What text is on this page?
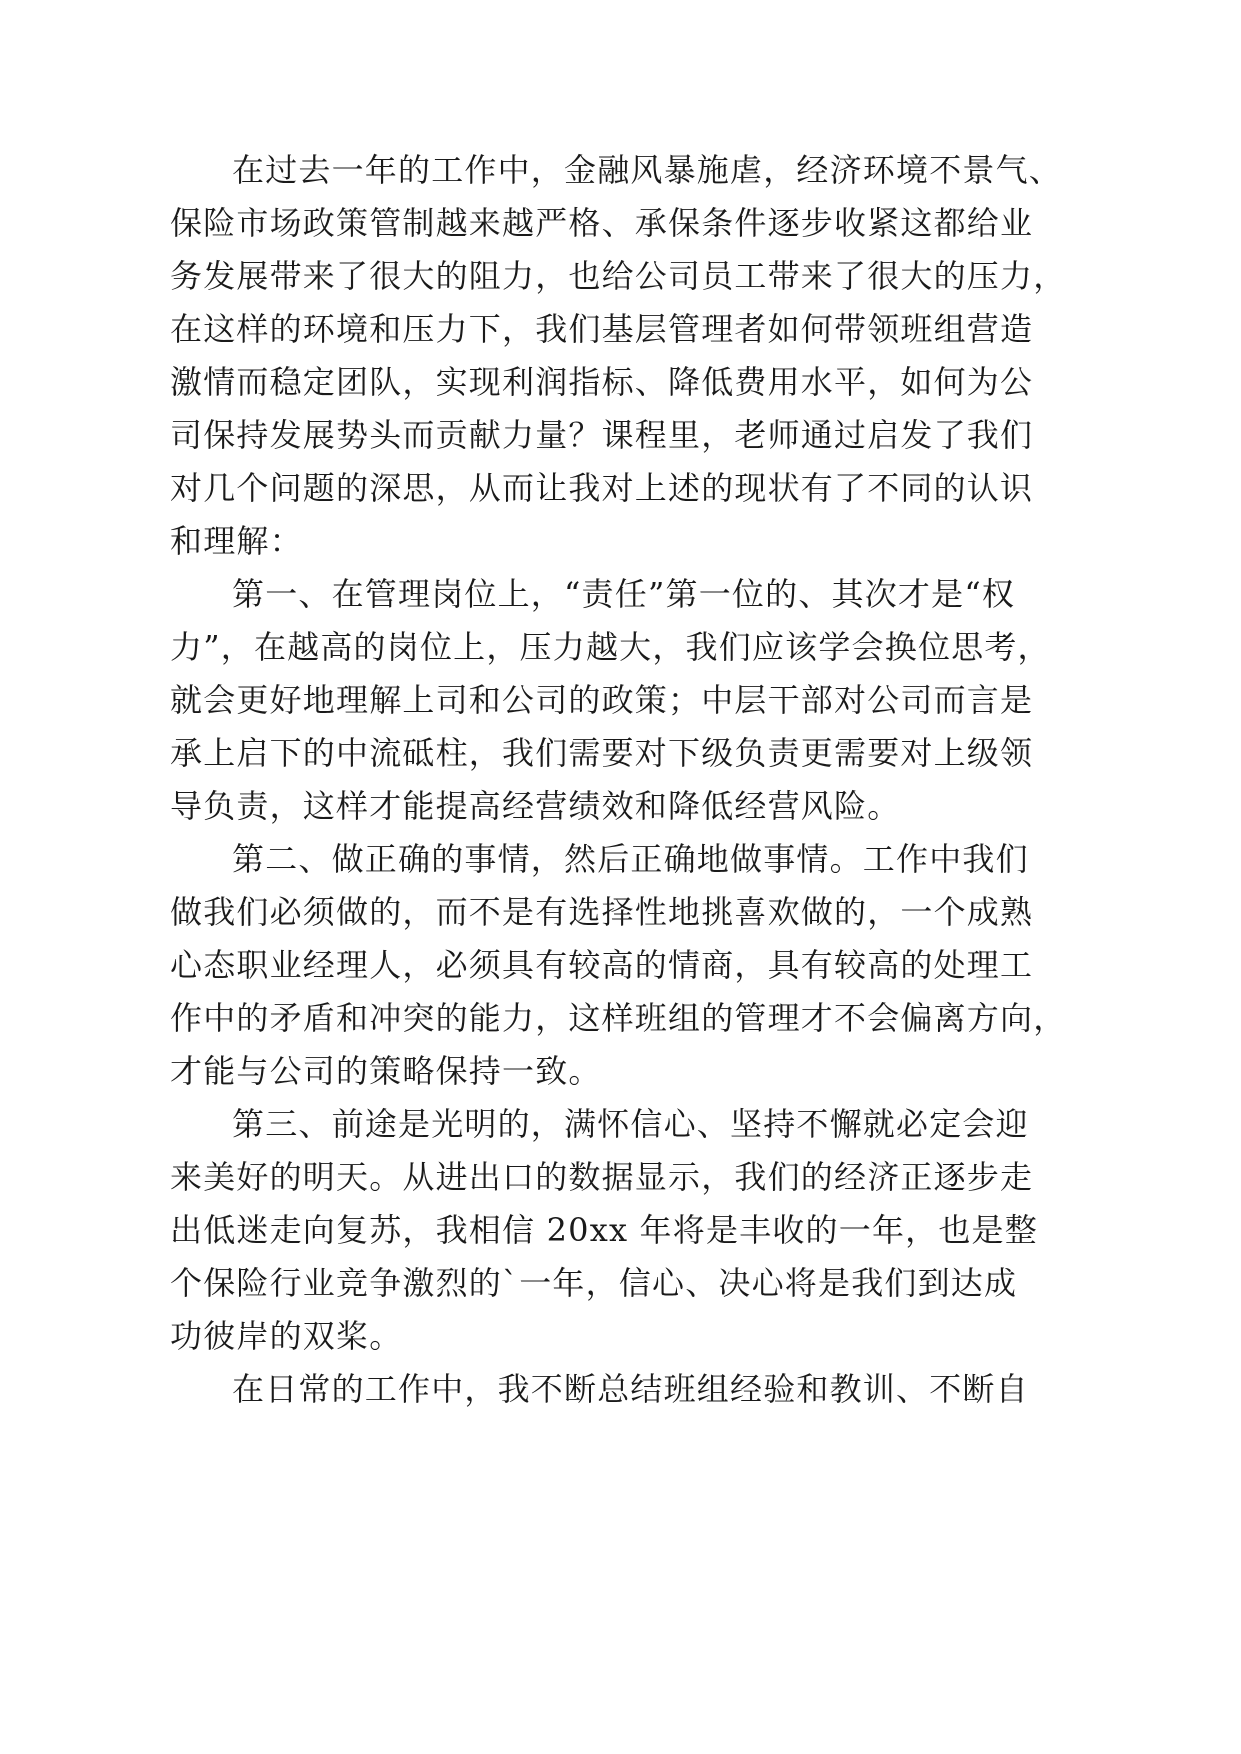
在过去一年的工作中，金融风暴施虐，经济环境不景气、
保险市场政策管制越来越严格、承保条件逐步收紧这都给业
务发展带来了很大的阻力，也给公司员工带来了很大的压力，
在这样的环境和压力下，我们基层管理者如何带领班组营造
激情而稳定团队，实现利润指标、降低费用水平，如何为公
司保持发展势头而贡献力量？课程里，老师通过启发了我们
对几个问题的深思，从而让我对上述的现状有了不同的认识
和理解：
第一、在管理岗位上，“责任”第一位的、其次才是“权
力”，在越高的岗位上，压力越大，我们应该学会换位思考，
就会更好地理解上司和公司的政策；中层干部对公司而言是
承上启下的中流砥柱，我们需要对下级负责更需要对上级领
导负责，这样才能提高经营绩效和降低经营风险。
第二、做正确的事情，然后正确地做事情。工作中我们
做我们必须做的，而不是有选择性地挑喜欢做的，一个成熟
心态职业经理人，必须具有较高的情商，具有较高的处理工
作中的矛盾和冲突的能力，这样班组的管理才不会偏离方向，
才能与公司的策略保持一致。
第三、前途是光明的，满怀信心、坚持不懈就必定会迎
来美好的明天。从进出口的数据显示，我们的经济正逐步走
出低迷走向复苏，我相信 20xx 年将是丰收的一年，也是整
个保险行业竞争激烈的`一年，信心、决心将是我们到达成
功彼岸的双桨。
在日常的工作中，我不断总结班组经验和教训、不断自
